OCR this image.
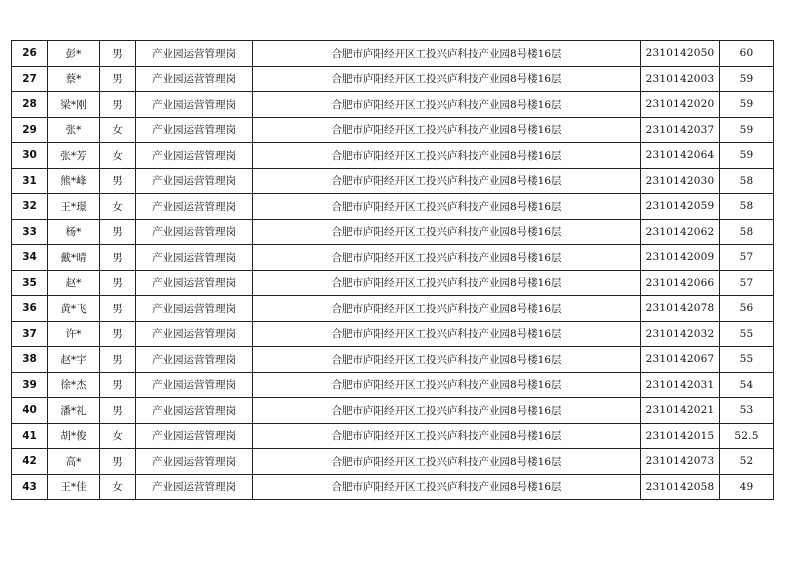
26	彭*	男	产业园运营管理岗	合肥市庐阳经开区工投兴庐科技产业园8号楼16层	2310142050	60
27	蔡*	男	产业园运营管理岗	合肥市庐阳经开区工投兴庐科技产业园8号楼16层	2310142003	59
28	梁*刚	男	产业园运营管理岗	合肥市庐阳经开区工投兴庐科技产业园8号楼16层	2310142020	59
29	张*	女	产业园运营管理岗	合肥市庐阳经开区工投兴庐科技产业园8号楼16层	2310142037	59
30	张*芳	女	产业园运营管理岗	合肥市庐阳经开区工投兴庐科技产业园8号楼16层	2310142064	59
31	熊*峰	男	产业园运营管理岗	合肥市庐阳经开区工投兴庐科技产业园8号楼16层	2310142030	58
32	王*璟	女	产业园运营管理岗	合肥市庐阳经开区工投兴庐科技产业园8号楼16层	2310142059	58
33	杨*	男	产业园运营管理岗	合肥市庐阳经开区工投兴庐科技产业园8号楼16层	2310142062	58
34	戴*晴	男	产业园运营管理岗	合肥市庐阳经开区工投兴庐科技产业园8号楼16层	2310142009	57
35	赵*	男	产业园运营管理岗	合肥市庐阳经开区工投兴庐科技产业园8号楼16层	2310142066	57
36	黄*飞	男	产业园运营管理岗	合肥市庐阳经开区工投兴庐科技产业园8号楼16层	2310142078	56
37	许*	男	产业园运营管理岗	合肥市庐阳经开区工投兴庐科技产业园8号楼16层	2310142032	55
38	赵*宇	男	产业园运营管理岗	合肥市庐阳经开区工投兴庐科技产业园8号楼16层	2310142067	55
39	徐*杰	男	产业园运营管理岗	合肥市庐阳经开区工投兴庐科技产业园8号楼16层	2310142031	54
40	潘*礼	男	产业园运营管理岗	合肥市庐阳经开区工投兴庐科技产业园8号楼16层	2310142021	53
41	胡*俊	女	产业园运营管理岗	合肥市庐阳经开区工投兴庐科技产业园8号楼16层	2310142015	52.5
42	高*	男	产业园运营管理岗	合肥市庐阳经开区工投兴庐科技产业园8号楼16层	2310142073	52
43	王*佳	女	产业园运营管理岗	合肥市庐阳经开区工投兴庐科技产业园8号楼16层	2310142058	49
